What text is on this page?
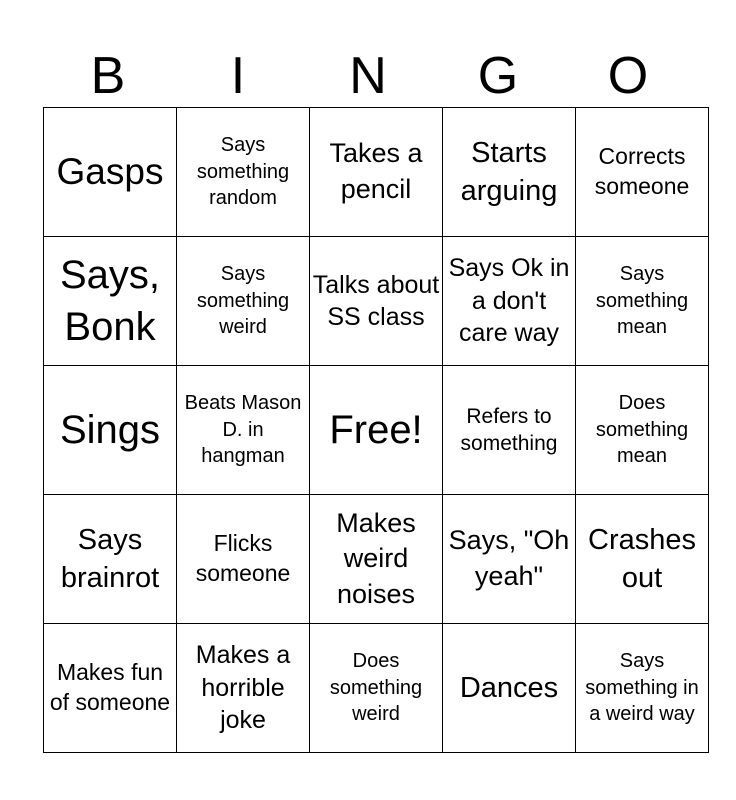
B	I	N	G	O
Gasps	Says something random	Takes a pencil	Starts arguing	Corrects someone

Says, Bonk	Says something weird	Talks about SS class	Says Ok in a don't care way	Says something mean

Sings	Beats Mason D. in hangman	Free!	Refers to something	Does something mean

Says brainrot	Flicks someone	Makes weird noises	Says, "Oh yeah"	Crashes out

Makes fun of someone	Makes a horrible joke	Does something weird	Dances	Says something in a weird way
